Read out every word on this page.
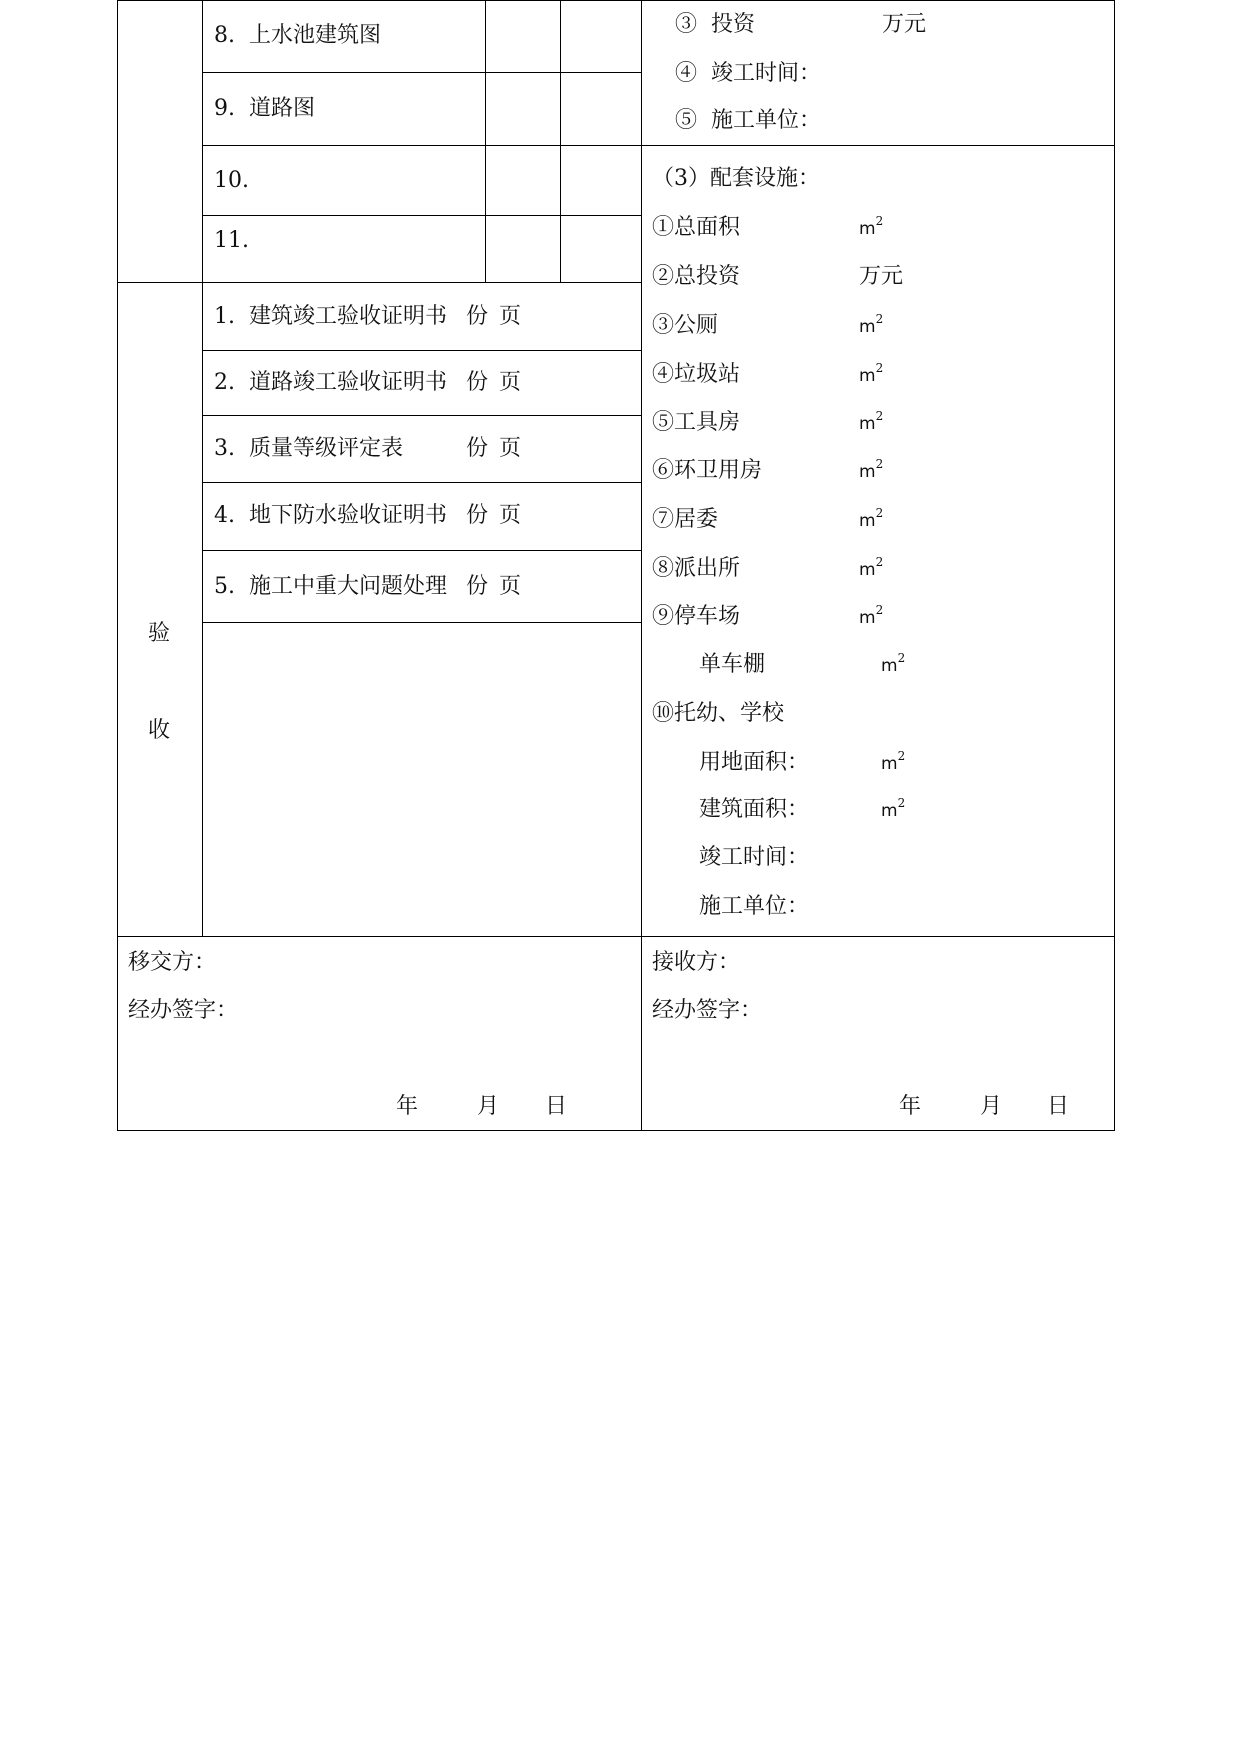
8.  上水池建筑图
9.  道路图
10.
11.
验
收
1.  建筑竣工验收证明书 份 页
2.  道路竣工验收证明书 份 页
3.  质量等级评定表	份 页
4.  地下防水验收证明书 份 页
5.  施工中重大问题处理 份 页
③  投资	万元
④  竣工时间：
⑤  施工单位：
（3）配套设施：
①总面积	$m^2$
②总投资	万元
③公厕	$m^2$
④垃圾站	$m^2$
⑤工具房	$m^2$
⑥环卫用房	$m^2$
⑦居委	$m^2$
⑧派出所	$m^2$
⑨停车场	$m^2$
单车棚	$m^2$
⑩托幼、学校
用地面积：	$m^2$
建筑面积：	$m^2$
竣工时间：
施工单位：
移交方：
经办签字：
年	月 日
接收方：
经办签字：
年	月 日
